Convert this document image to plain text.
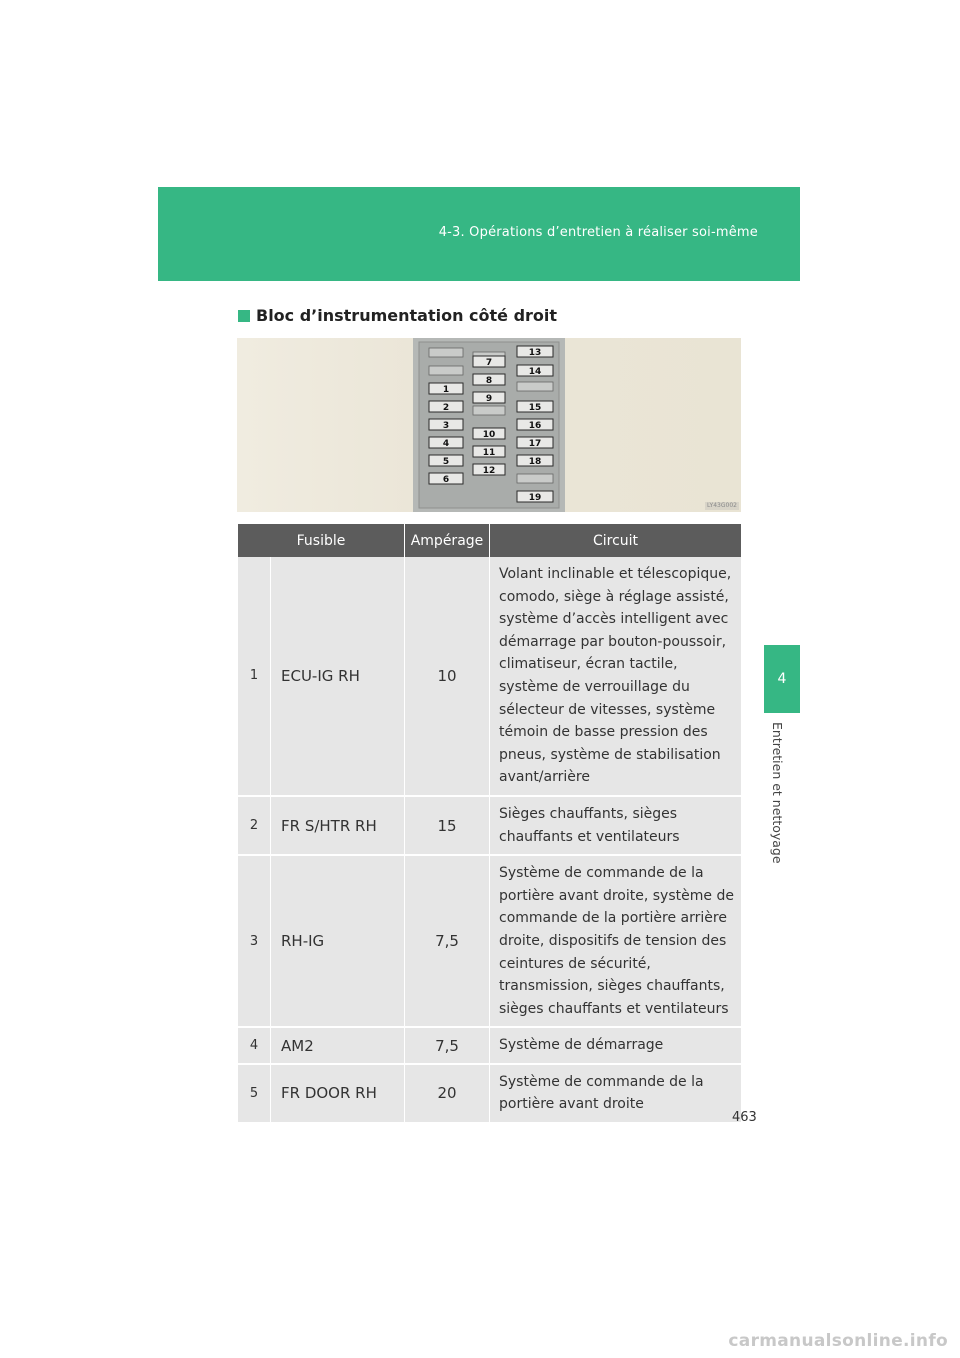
4-3. Opérations d’entretien à réaliser soi-même
4
Entretien et nettoyage
Bloc d’instrumentation côté droit
1
2
3
4
5
6
7
8
9
10
11
12
13
14
15
16
17
18
19
LY43G002
Fusible		Ampérage	Circuit
1	ECU-IG RH	10	Volant inclinable et télescopique, comodo, siège à réglage assisté, système d’accès intelligent avec démarrage par bouton-poussoir, climatiseur, écran tactile, système de verrouillage du sélecteur de vitesses, système témoin de basse pression des pneus, système de stabilisation avant/arrière
2	FR S/HTR RH	15	Sièges chauffants, sièges chauffants et ventilateurs
3	RH-IG	7,5	Système de commande de la portière avant droite, système de commande de la portière arrière droite, dispositifs de tension des ceintures de sécurité, transmission, sièges chauffants, sièges chauffants et ventilateurs
4	AM2	7,5	Système de démarrage
5	FR DOOR RH	20	Système de commande de la portière avant droite
463
carmanualsonline.info
